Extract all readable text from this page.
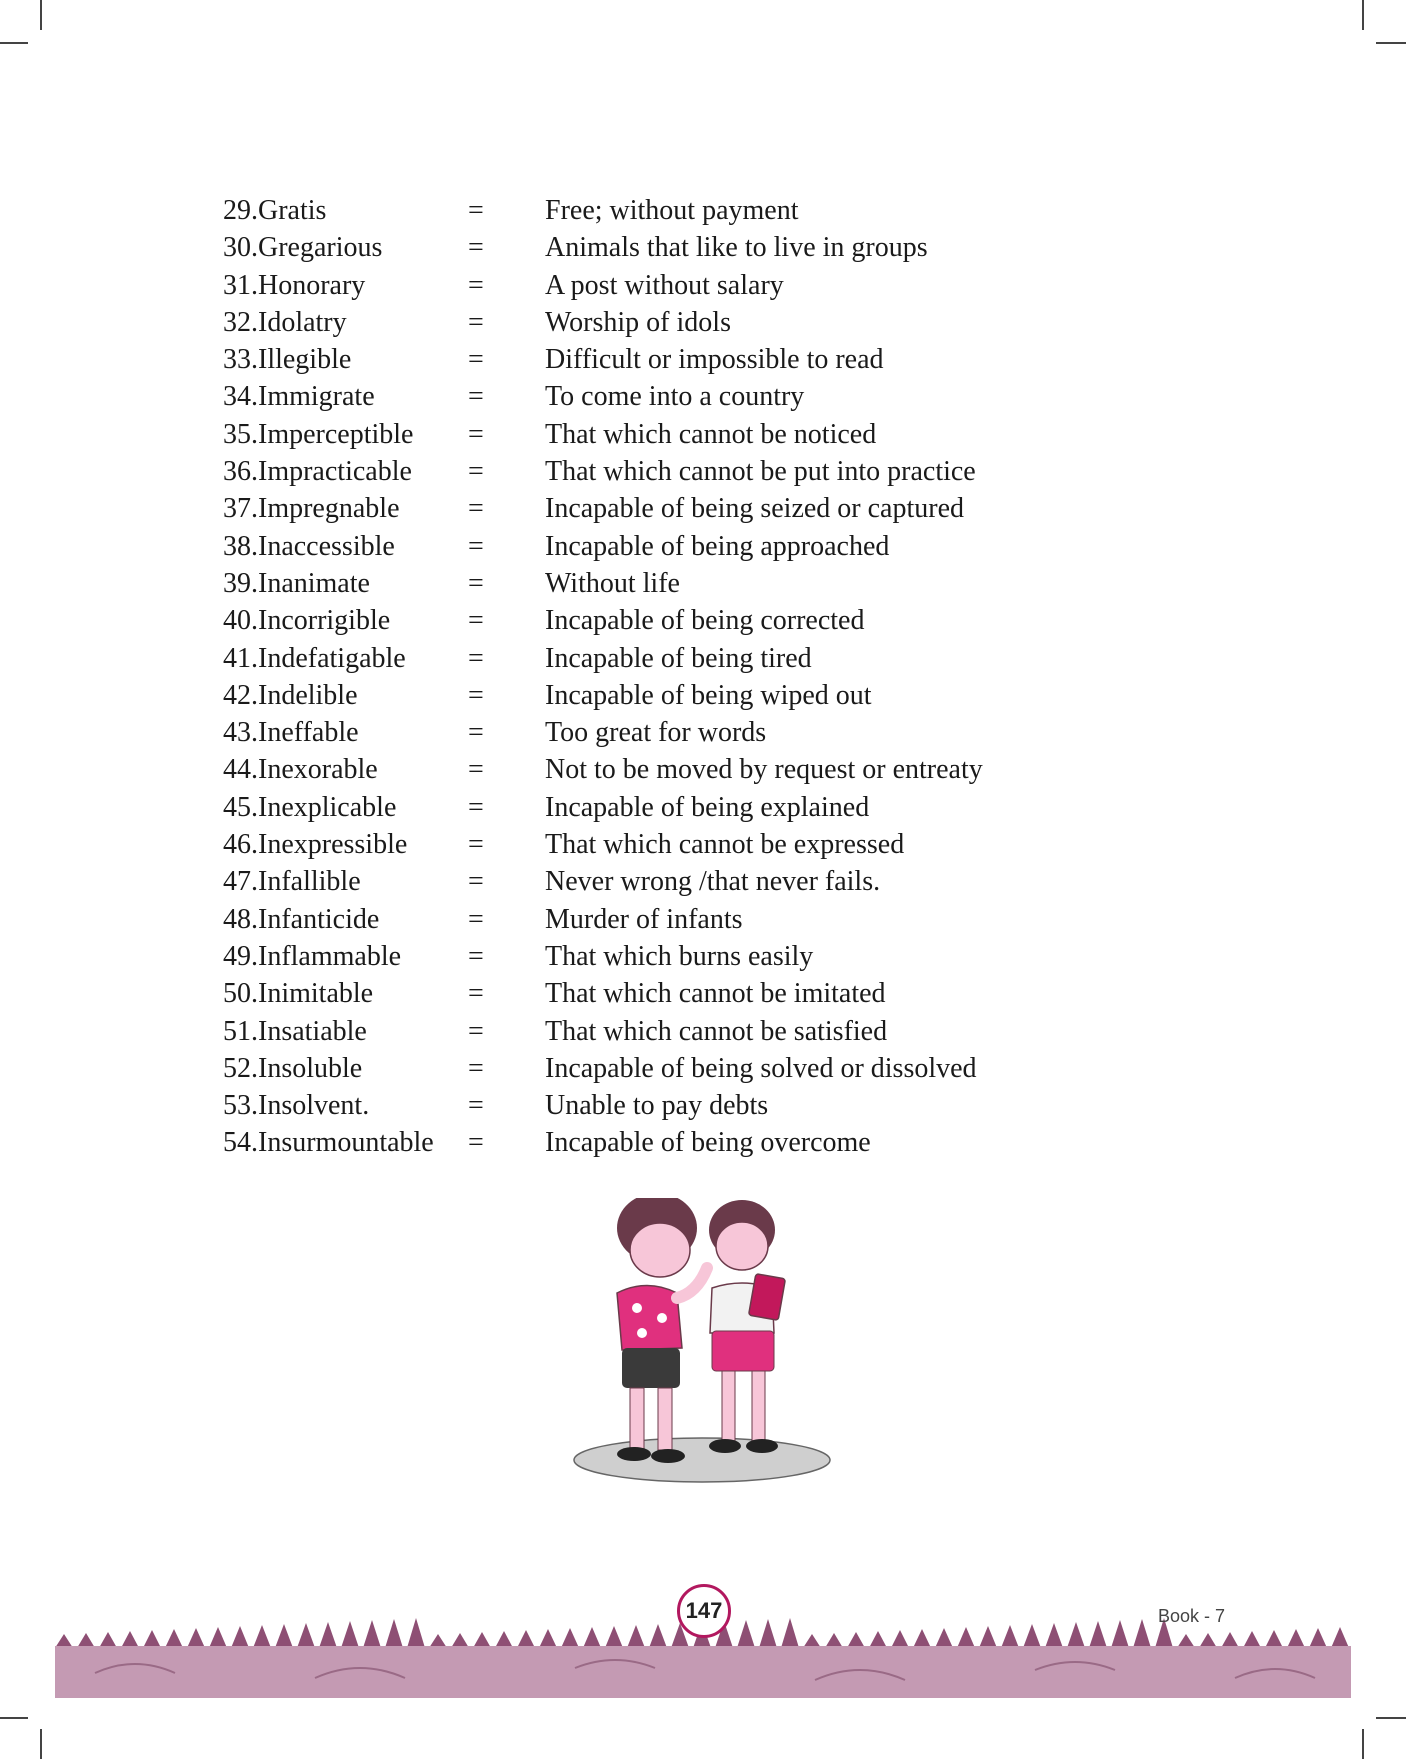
29. Gratis	= Free; without payment
30. Gregarious	= Animals that like to live in groups
31. Honorary	= A post without salary
32. Idolatry	= Worship of idols
33. Illegible	= Difficult or impossible to read
34. Immigrate	= To come into a country
35. Imperceptible = That which cannot be noticed
36. Impracticable = That which cannot be put into practice
37. Impregnable = Incapable of being seized or captured
38. Inaccessible	= Incapable of being approached
39. Inanimate	= Without life
40. Incorrigible	= Incapable of being corrected
41. Indefatigable = Incapable of being tired
42. Indelible	= Incapable of being wiped out
43. Ineffable	= Too great for words
44. Inexorable	= Not to be moved by request or entreaty
45. Inexplicable	= Incapable of being explained
46. Inexpressible = That which cannot be expressed
47. Infallible	= Never wrong /that never fails.
48. Infanticide	= Murder of infants
49. Inflammable = That which burns easily
50. Inimitable	= That which cannot be imitated
51. Insatiable	= That which cannot be satisfied
52. Insoluble	= Incapable of being solved or dissolved
53. Insolvent.	= Unable to pay debts
54. Insurmountable = Incapable of being overcome
147	Book - 7
